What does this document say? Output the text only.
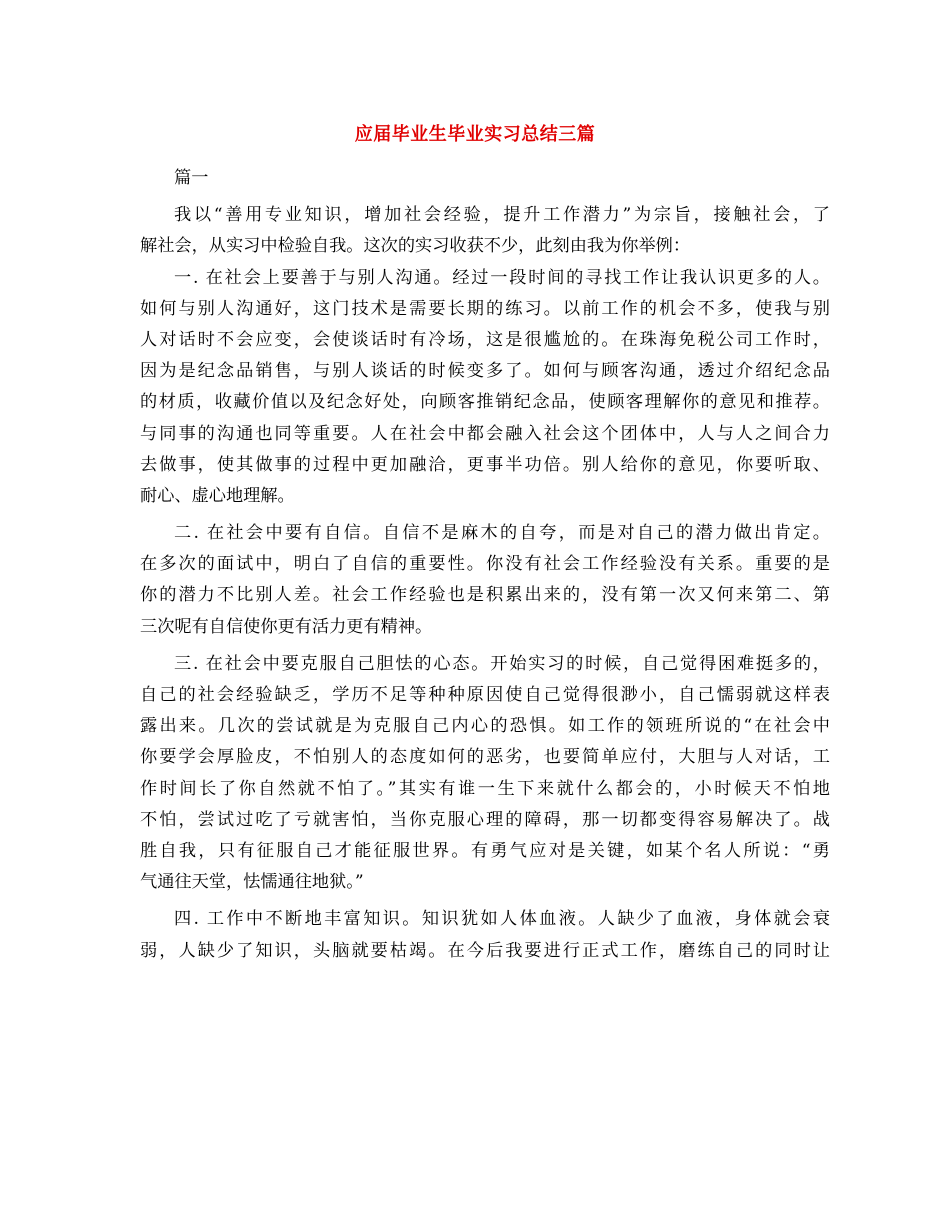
应届毕业生毕业实习总结三篇
篇一
我以“善用专业知识，增加社会经验，提升工作潜力”为宗旨，接触社会，了
解社会，从实习中检验自我。这次的实习收获不少，此刻由我为你举例：
一. 在社会上要善于与别人沟通。经过一段时间的寻找工作让我认识更多的人。
如何与别人沟通好，这门技术是需要长期的练习。以前工作的机会不多，使我与别
人对话时不会应变，会使谈话时有冷场，这是很尴尬的。在珠海免税公司工作时，
因为是纪念品销售，与别人谈话的时候变多了。如何与顾客沟通，透过介绍纪念品
的材质，收藏价值以及纪念好处，向顾客推销纪念品，使顾客理解你的意见和推荐。
与同事的沟通也同等重要。人在社会中都会融入社会这个团体中，人与人之间合力
去做事，使其做事的过程中更加融洽，更事半功倍。别人给你的意见，你要听取、
耐心、虚心地理解。
二. 在社会中要有自信。自信不是麻木的自夸，而是对自己的潜力做出肯定。
在多次的面试中，明白了自信的重要性。你没有社会工作经验没有关系。重要的是
你的潜力不比别人差。社会工作经验也是积累出来的，没有第一次又何来第二、第
三次呢有自信使你更有活力更有精神。
三. 在社会中要克服自己胆怯的心态。开始实习的时候，自己觉得困难挺多的，
自己的社会经验缺乏，学历不足等种种原因使自己觉得很渺小，自己懦弱就这样表
露出来。几次的尝试就是为克服自己内心的恐惧。如工作的领班所说的“在社会中
你要学会厚脸皮，不怕别人的态度如何的恶劣，也要简单应付，大胆与人对话，工
作时间长了你自然就不怕了。”其实有谁一生下来就什么都会的，小时候天不怕地
不怕，尝试过吃了亏就害怕，当你克服心理的障碍，那一切都变得容易解决了。战
胜自我，只有征服自己才能征服世界。有勇气应对是关键，如某个名人所说：“勇
气通往天堂，怯懦通往地狱。”
四. 工作中不断地丰富知识。知识犹如人体血液。人缺少了血液，身体就会衰
弱，人缺少了知识，头脑就要枯竭。在今后我要进行正式工作，磨练自己的同时让
